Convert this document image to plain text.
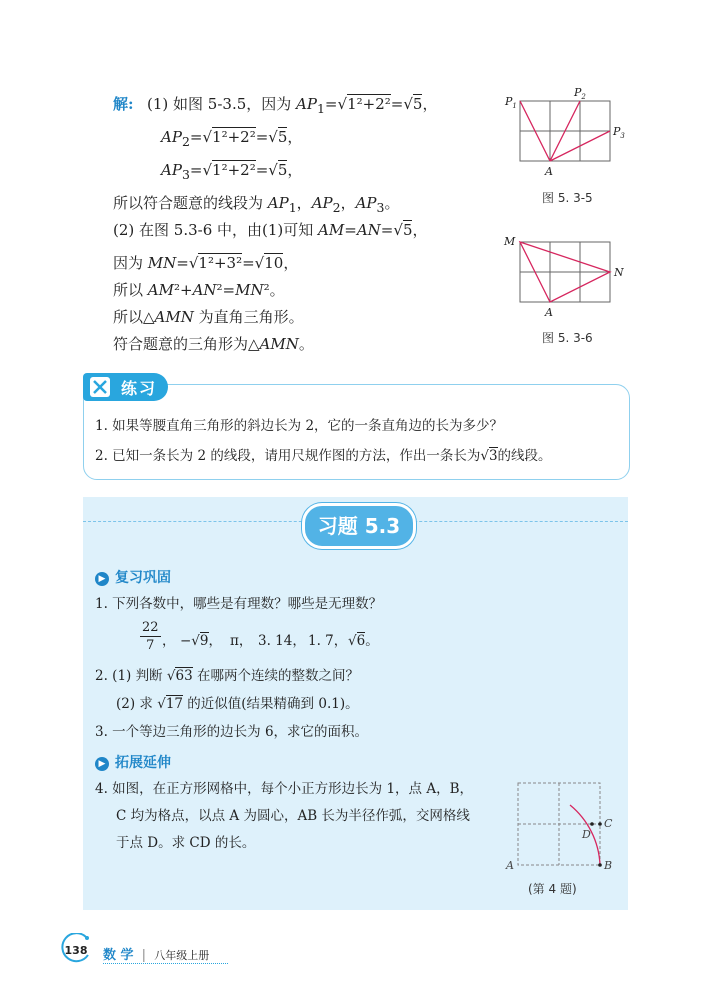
解: (1) 如图 5-3.5，因为 $AP_1=√1^2+2^2=√5$，
$AP_2=√1^2+2^2=√5$，
$AP_3=√1^2+2^2=√5$，
所以符合题意的线段为 $AP_1$，$AP_2$，$AP_3$。
(2) 在图 5.3-6 中，由(1)可知 AM=AN=√5，
因为 MN=√1²+3²=√10，
所以 AM²+AN²=MN²。
所以△AMN 为直角三角形。
符合题意的三角形为△AMN。
$P_1$
$P_2$
$P_3$
A
图 5. 3-5
M
N
A
图 5. 3-6
练习
1. 如果等腰直角三角形的斜边长为 2，它的一条直角边的长为多少？
2. 已知一条长为 2 的线段，请用尺规作图的方法，作出一条长为√3的线段。
习题 5.3
▶ 复习巩固
1. 下列各数中，哪些是有理数？哪些是无理数？
22
7 ， −√9， π， 3. 14， 1. 7̇， √6。
2. (1) 判断 √63 在哪两个连续的整数之间？
(2) 求 √17 的近似值(结果精确到 0.1)。
3. 一个等边三角形的边长为 6，求它的面积。
▶ 拓展延伸
4. 如图，在正方形网格中，每个小正方形边长为 1，点 A，B，
C 均为格点，以点 A 为圆心，AB 长为半径作弧，交网格线
于点 D。求 CD 的长。
A	B
C
D
(第 4 题)
138 数 学 | 八年级上册
